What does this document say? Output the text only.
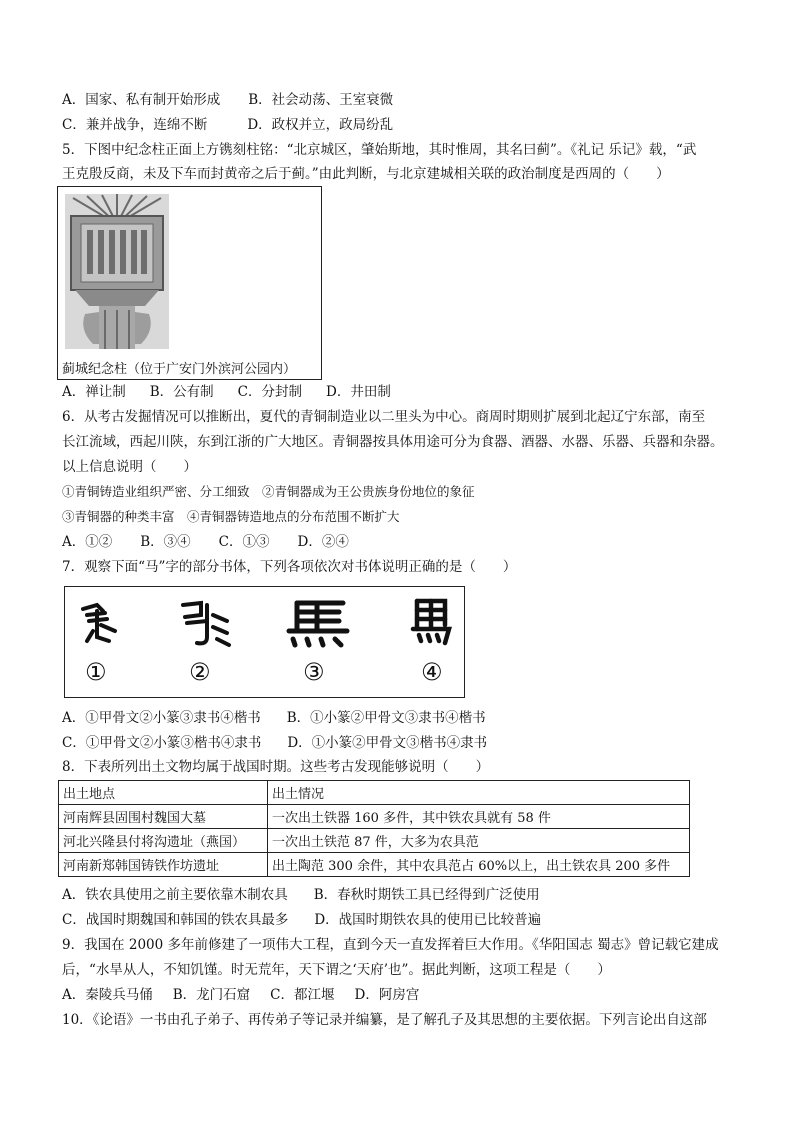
A．国家、私有制开始形成 B．社会动荡、王室衰微
C．兼并战争，连绵不断	D．政权并立，政局纷乱
5．下图中纪念柱正面上方镌刻柱铭：“北京城区，肇始斯地，其时惟周，其名曰蓟”。《礼记 乐记》载，“武
王克殷反商，未及下车而封黄帝之后于蓟。”由此判断，与北京建城相关联的政治制度是西周的（　　）
蓟城纪念柱（位于广安门外滨河公园内）
A．禅让制 B．公有制 C．分封制 D．井田制
6．从考古发掘情况可以推断出，夏代的青铜制造业以二里头为中心。商周时期则扩展到北起辽宁东部，南至
长江流域，西起川陕，东到江浙的广大地区。青铜器按具体用途可分为食器、酒器、水器、乐器、兵器和杂器。
以上信息说明（　　）
①青铜铸造业组织严密、分工细致　②青铜器成为王公贵族身份地位的象征
③青铜器的种类丰富　④青铜器铸造地点的分布范围不断扩大
A．①② B．③④ C．①③ D．②④
7．观察下面“马”字的部分书体，下列各项依次对书体说明正确的是（　　）
①	②	③	④
A．①甲骨文②小篆③隶书④楷书 B．①小篆②甲骨文③隶书④楷书
C．①甲骨文②小篆③楷书④隶书 D．①小篆②甲骨文③楷书④隶书
8．下表所列出土文物均属于战国时期。这些考古发现能够说明（　　）
出土地点	出土情况
河南辉县固围村魏国大墓	一次出土铁器 160 多件，其中铁农具就有 58 件
河北兴隆县付将沟遗址（燕国）	一次出土铁范 87 件，大多为农具范
河南新郑韩国铸铁作坊遗址	出土陶范 300 余件，其中农具范占 60%以上，出土铁农具 200 多件
A．铁农具使用之前主要依靠木制农具 B．春秋时期铁工具已经得到广泛使用
C．战国时期魏国和韩国的铁农具最多 D．战国时期铁农具的使用已比较普遍
9．我国在 2000 多年前修建了一项伟大工程，直到今天一直发挥着巨大作用。《华阳国志 蜀志》曾记载它建成
后，“水旱从人，不知饥馑。时无荒年，天下谓之‘天府’也”。据此判断，这项工程是（　　）
A．秦陵兵马俑 B．龙门石窟 C．都江堰 D．阿房宫
10．《论语》一书由孔子弟子、再传弟子等记录并编纂，是了解孔子及其思想的主要依据。下列言论出自这部
